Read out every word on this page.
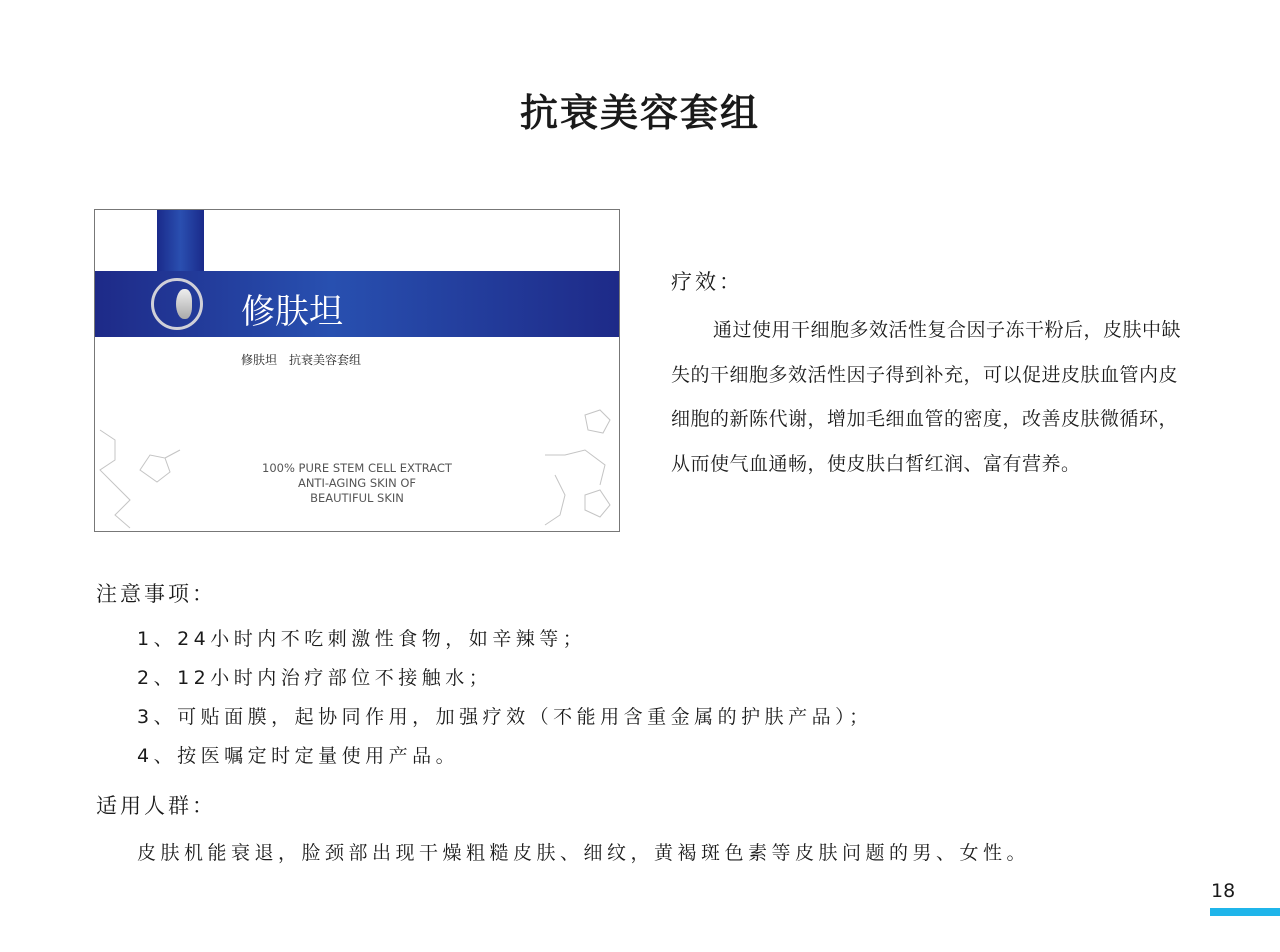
抗衰美容套组
修肤坦
修肤坦　抗衰美容套组
100% PURE STEM CELL EXTRACT
ANTI-AGING SKIN OF
BEAUTIFUL SKIN
疗效：
通过使用干细胞多效活性复合因子冻干粉后，皮肤中缺失的干细胞多效活性因子得到补充，可以促进皮肤血管内皮细胞的新陈代谢，增加毛细血管的密度，改善皮肤微循环，从而使气血通畅，使皮肤白皙红润、富有营养。
注意事项：
1、24小时内不吃刺激性食物，如辛辣等；
2、12小时内治疗部位不接触水；
3、可贴面膜，起协同作用，加强疗效（不能用含重金属的护肤产品）；
4、按医嘱定时定量使用产品。
适用人群：
皮肤机能衰退，脸颈部出现干燥粗糙皮肤、细纹，黄褐斑色素等皮肤问题的男、女性。
18
